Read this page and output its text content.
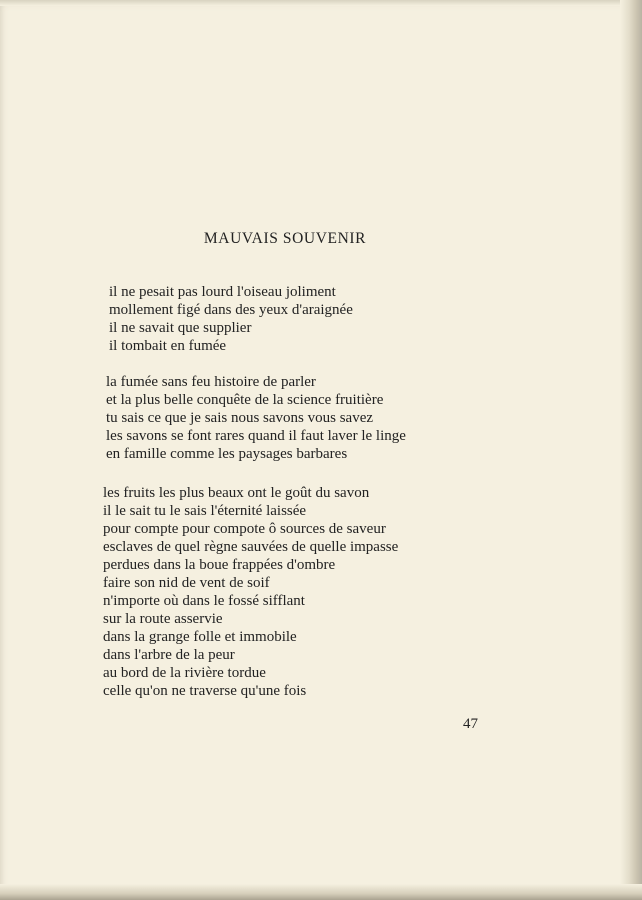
MAUVAIS SOUVENIR
il ne pesait pas lourd l'oiseau joliment
mollement figé dans des yeux d'araignée
il ne savait que supplier
il tombait en fumée
la fumée sans feu histoire de parler
et la plus belle conquête de la science fruitière
tu sais ce que je sais nous savons vous savez
les savons se font rares quand il faut laver le linge
en famille comme les paysages barbares
les fruits les plus beaux ont le goût du savon
il le sait tu le sais l'éternité laissée
pour compte pour compote ô sources de saveur
esclaves de quel règne sauvées de quelle impasse
perdues dans la boue frappées d'ombre
faire son nid de vent de soif
n'importe où dans le fossé sifflant
sur la route asservie
dans la grange folle et immobile
dans l'arbre de la peur
au bord de la rivière tordue
celle qu'on ne traverse qu'une fois
47
